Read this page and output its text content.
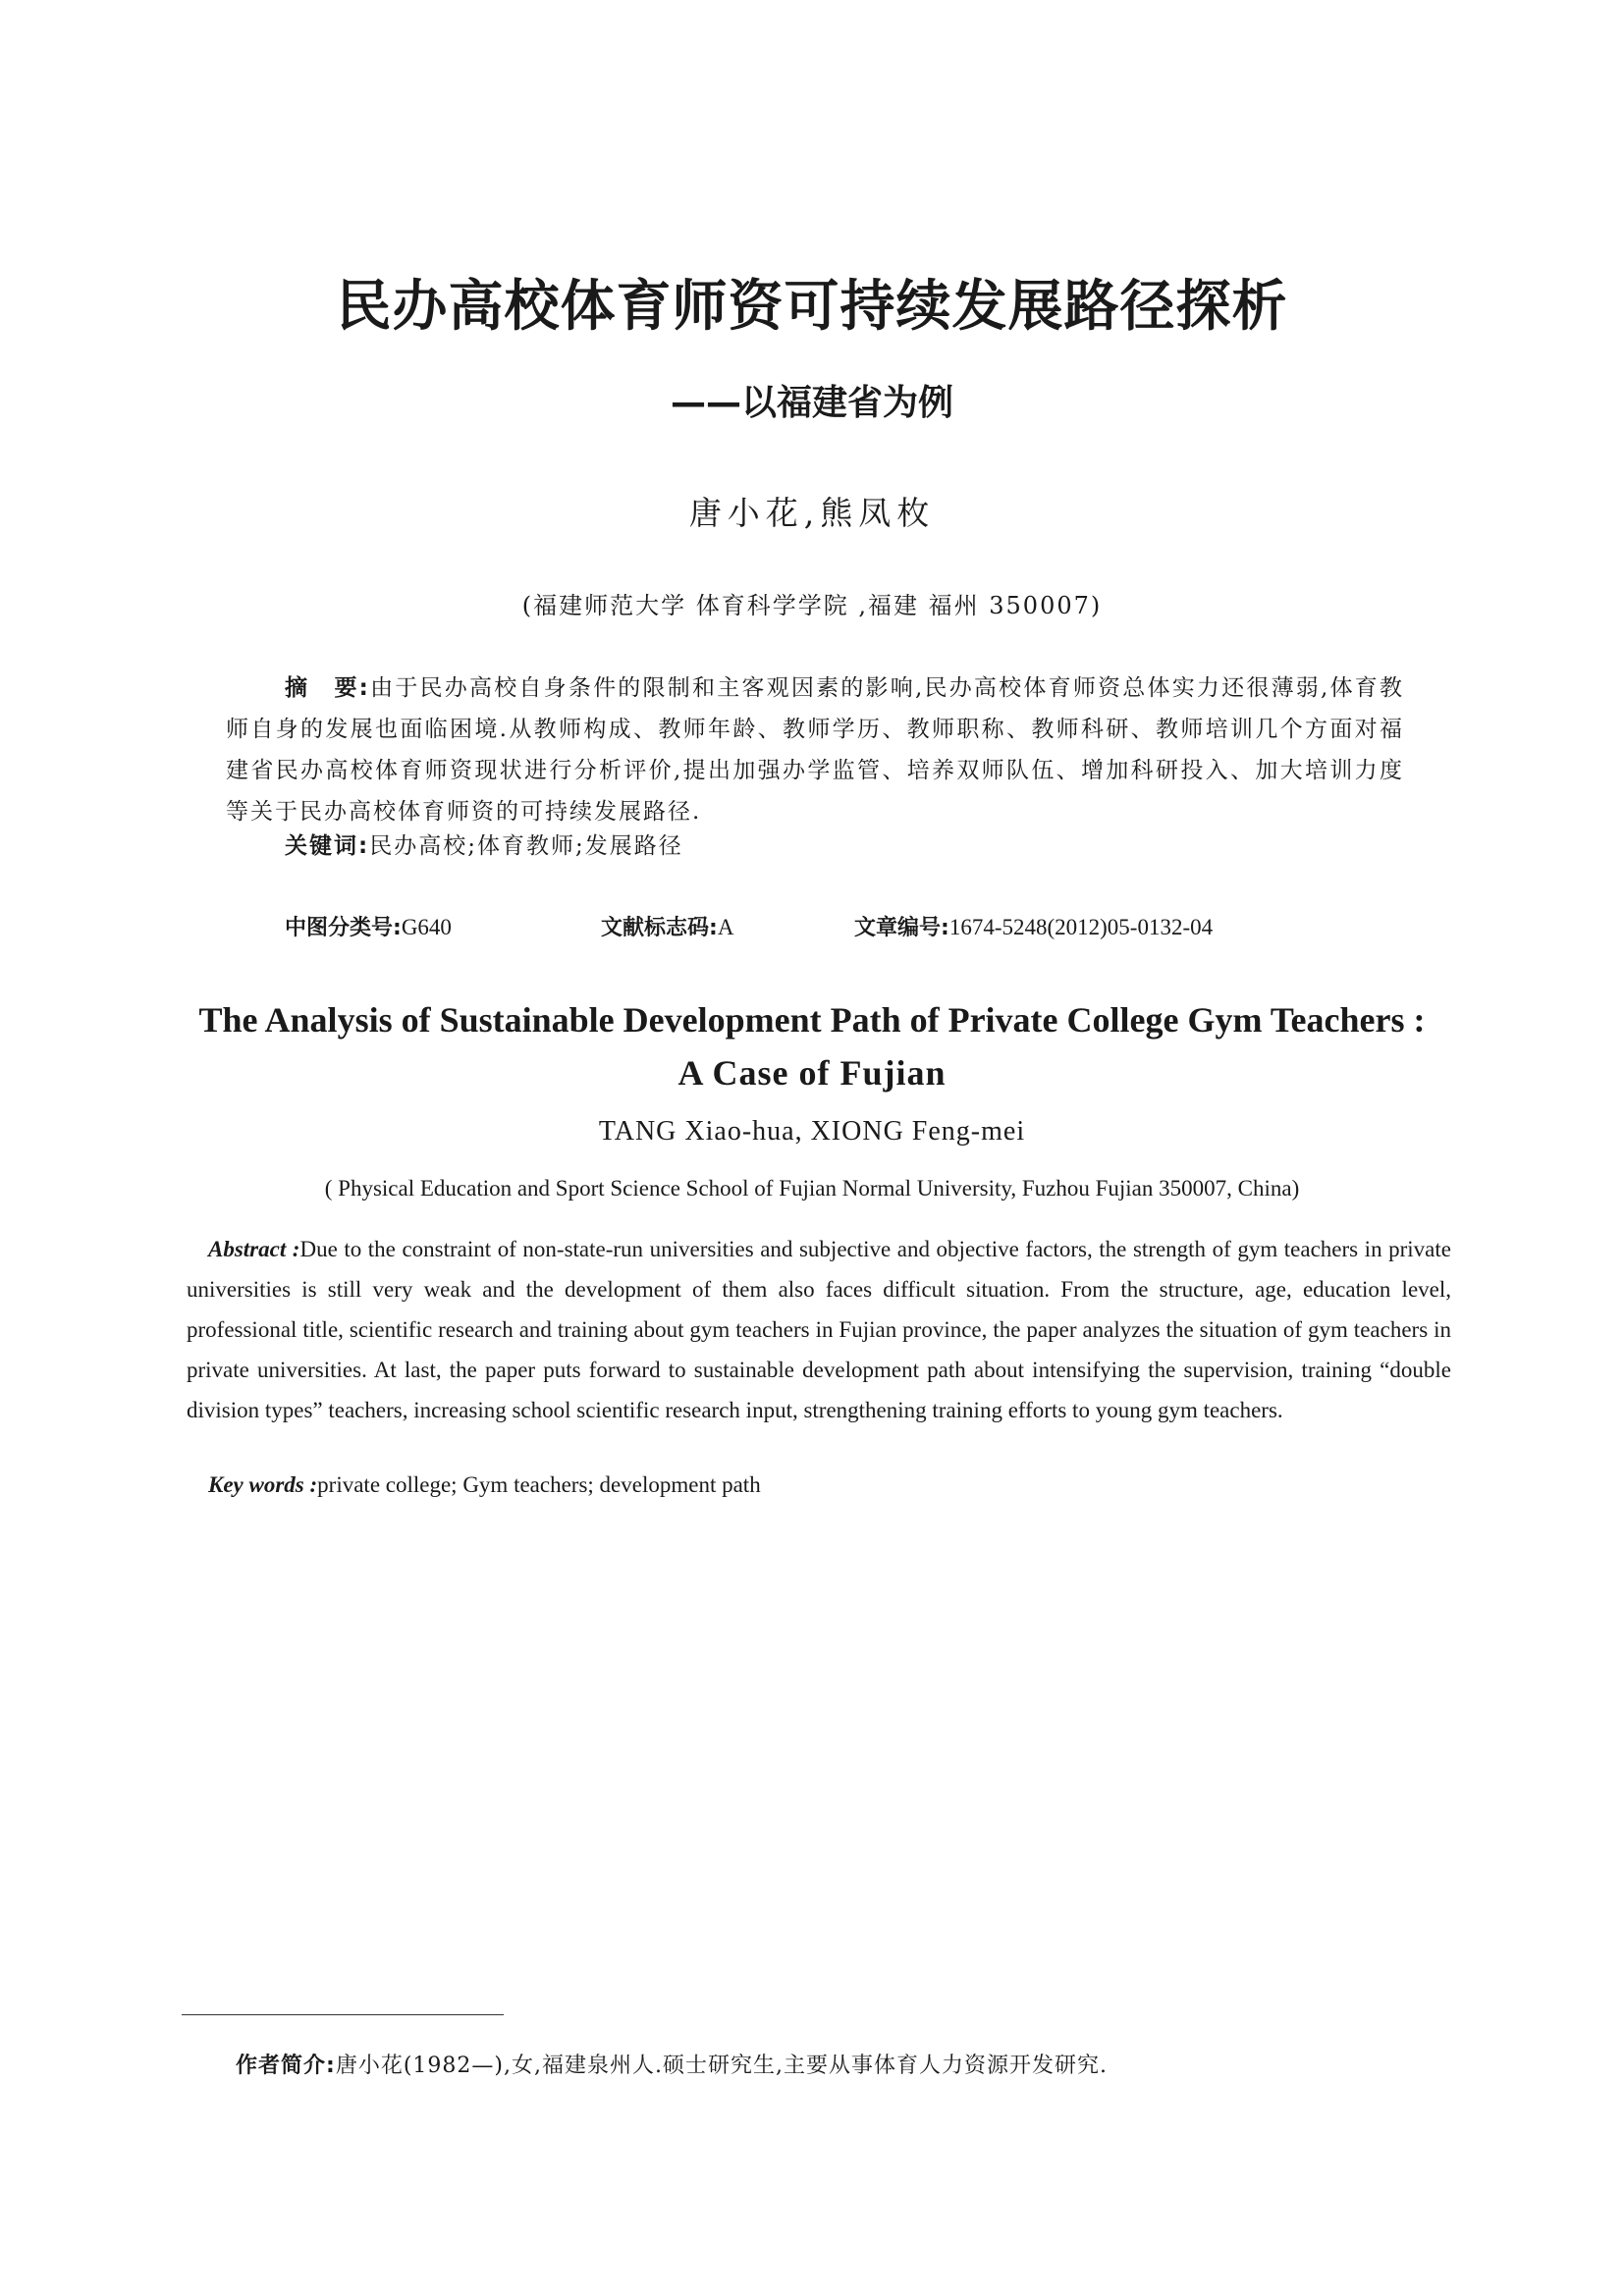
民办高校体育师资可持续发展路径探析
——以福建省为例
唐小花,熊凤枚
(福建师范大学 体育科学学院 ,福建 福州 350007)
摘　要:由于民办高校自身条件的限制和主客观因素的影响,民办高校体育师资总体实力还很薄弱,体育教师自身的发展也面临困境.从教师构成、教师年龄、教师学历、教师职称、教师科研、教师培训几个方面对福建省民办高校体育师资现状进行分析评价,提出加强办学监管、培养双师队伍、增加科研投入、加大培训力度等关于民办高校体育师资的可持续发展路径.
关键词:民办高校;体育教师;发展路径
中图分类号:G640	文献标志码:A	文章编号:1674-5248(2012)05-0132-04
The Analysis of Sustainable Development Path of Private College Gym Teachers :
A Case of Fujian
TANG Xiao-hua, XIONG Feng-mei
( Physical Education and Sport Science School of Fujian Normal University, Fuzhou Fujian 350007, China)
Abstract :Due to the constraint of non-state-run universities and subjective and objective factors, the strength of gym teachers in private universities is still very weak and the development of them also faces difficult situation. From the structure, age, education level, professional title, scientific research and training about gym teachers in Fujian province, the paper analyzes the situation of gym teachers in private universities. At last, the paper puts forward to sustainable development path about intensifying the supervision, training “double division types” teachers, increasing school scientific research input, strengthening training efforts to young gym teachers.
Key words :private college; Gym teachers; development path
作者简介:唐小花(1982—),女,福建泉州人.硕士研究生,主要从事体育人力资源开发研究.
